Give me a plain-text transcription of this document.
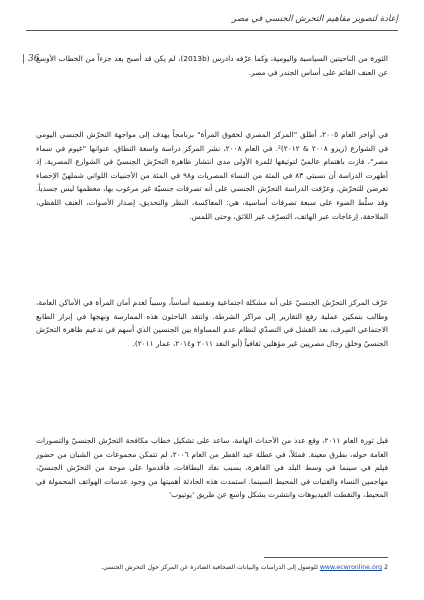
إعادة لتصوير مفاهيم التحرش الجنسي في مصر
| 36

الثورة من الناحيتين السياسية واليومية، وكما عرّفه دادرس (2013b)، لم يكن قد أصبح بعد جزءاً من الخطاب الأوسع عن العنف القائم على أساس الجندر في مصر.

في أواخر العام ٢٠٠٥، أطلق "المركز المصري لحقوق المرأة" برنامجاً يهدف إلى مواجهة التحرّش الجنسي اليومي في الشوارع (زيزو ٢٠٠٨ & ٢٠١٢)². في العام ٢٠٠٨، نشر المركز دراسة واسعة النطاق، عنوانها "غيوم في سماء مصر"، فازت باهتمام عالميّ لتوثيقها للمرة الأولى مدى انتشار ظاهرة التحرّش الجنسيّ في الشوارع المصرية. إذ أظهرت الدراسة أن نسبتي ٨٣ في المئة من النساء المصريات و٩٨ في المئة من الأجنبيات اللواتي شملهنّ الإحصاء تعرضن للتحرّش. وعرّفت الدراسة التحرّش الجنسي على أنه تصرفات جنسيّة غير مرغوب بها، معظمها ليس جسدياً. وقد سلّط الضوء على سبعة تصرفات أساسية، هي: المعاكسة، النظر والتحديق، إصدار الأصوات، العنف اللفظي، الملاحقة، إزعاجات عبر الهاتف، التصرّف غير اللائق، وحتى اللمس.

عرّف المركز التحرّش الجنسيّ على أنه مشكلة اجتماعية ونفسية أساساً، وسبباً لعدم أمان المرأة في الأماكن العامة، وطالب بتمكين عملية رفع التقارير إلى مراكز الشرطة. وانتقد الباحثون هذه الممارسة ونهجها في إبراز الطابع الاجتماعي الصِرف، بعد الفشل في التصدّي لنظام عدم المساواة بين الجنسين الذي أسهم في تدعيم ظاهرة التحرّش الجنسيّ وخلق رجال مصريين غير مؤهلين ثقافياً (أبو النغد ٢٠١١ و٢٠١٤، عمار ٢٠١١).

قبل ثورة العام ٢٠١١، وقع عدد من الأحداث الهامة، ساعد على تشكيل خطاب مكافحة التحرّش الجنسيّ والتصورات العامة حوله، بطرق معينة. فمثلاً، في عطلة عيد الفطر من العام ٢٠٠٦، لم تتمكن مجموعات من الشبان من حضور فيلم في سينما في وسط البلد في القاهرة، بسبب نفاد البطاقات، فأقدموا على موجة من التحرّش الجنسيّ، مهاجمين النساء والفتيات في المحيط السينما. استمدت هذه الحادثة أهميتها من وجود عدسات الهواتف المحمولة في المحيط، والتقطت الفيديوهات وانتشرت بشكل واسع عن طريق 'يوتيوب'

2 www.ecwronline.org للوصول إلى الدراسات والبيانات الصحافية الصادرة عن المركز حول التحرش الجنسي.
